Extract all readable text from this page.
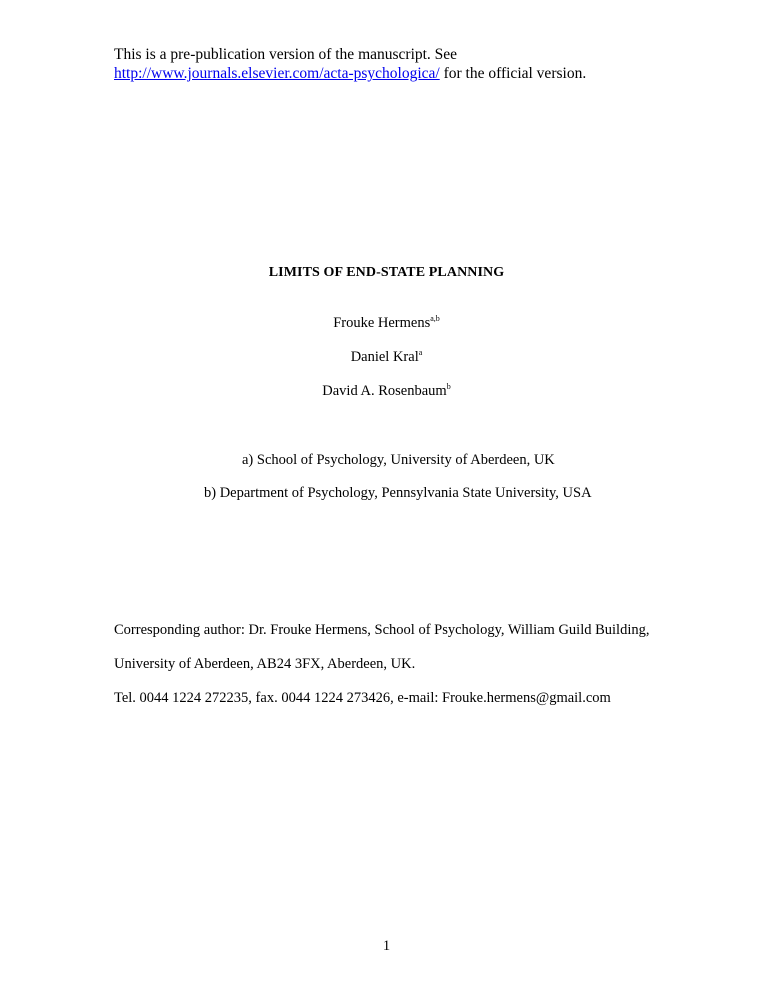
This is a pre-publication version of the manuscript. See
http://www.journals.elsevier.com/acta-psychologica/ for the official version.
LIMITS OF END-STATE PLANNING
Frouke Hermens$^{a,b}$
Daniel Kral$^a$
David A. Rosenbaum$^b$
a) School of Psychology, University of Aberdeen, UK
b) Department of Psychology, Pennsylvania State University, USA
Corresponding author: Dr. Frouke Hermens, School of Psychology, William Guild Building,
University of Aberdeen, AB24 3FX, Aberdeen, UK.
Tel. 0044 1224 272235, fax. 0044 1224 273426, e-mail: Frouke.hermens@gmail.com
1
